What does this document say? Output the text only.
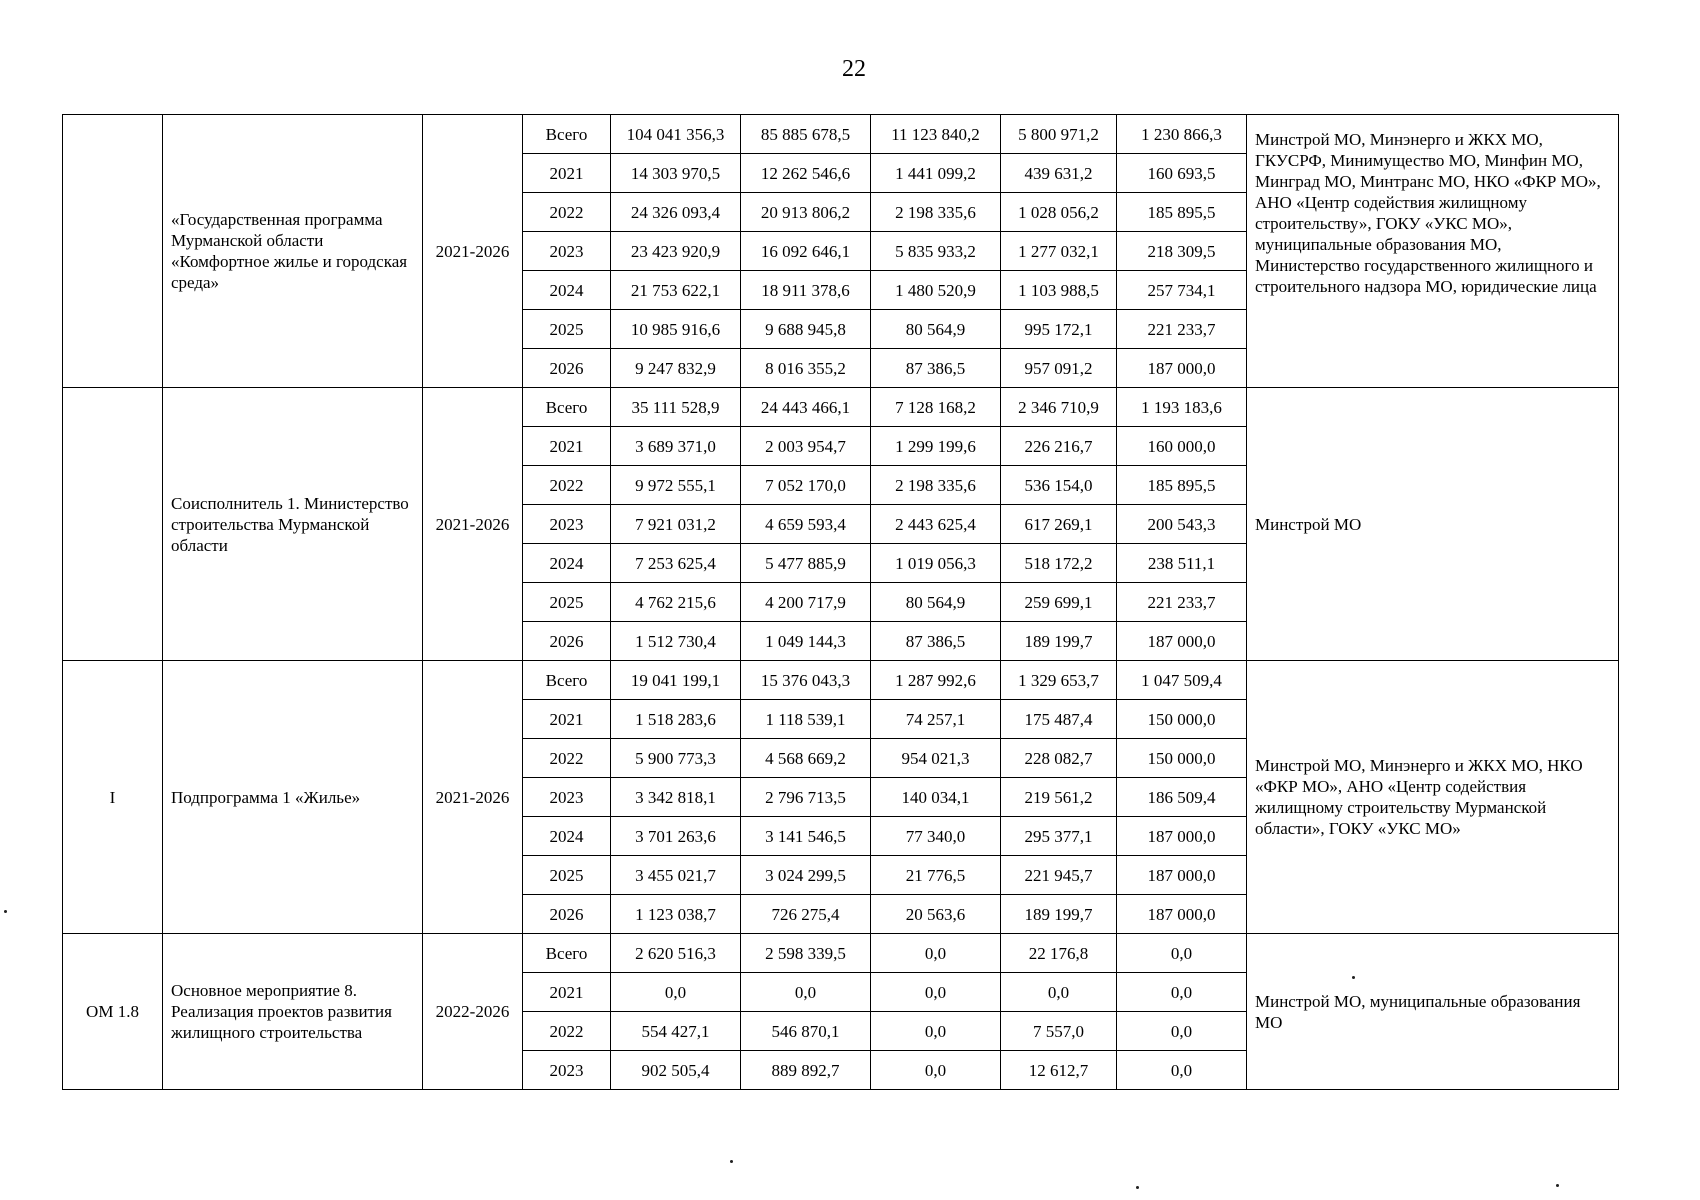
22

	«Государственная программа Мурманской области «Комфортное жилье и городская среда»	2021-2026	Всего	104 041 356,3	85 885 678,5	11 123 840,2	5 800 971,2	1 230 866,3	Минстрой МО, Минэнерго и ЖКХ МО, ГКУСРФ, Минимущество МО, Минфин МО, Минград МО, Минтранс МО, НКО «ФКР МО», АНО «Центр содействия жилищному строительству», ГОКУ «УКС МО», муниципальные образования МО, Министерство государственного жилищного и строительного надзора МО, юридические лица

			2021	14 303 970,5	12 262 546,6	1 441 099,2	439 631,2	160 693,5	
			2022	24 326 093,4	20 913 806,2	2 198 335,6	1 028 056,2	185 895,5	
			2023	23 423 920,9	16 092 646,1	5 835 933,2	1 277 032,1	218 309,5	
			2024	21 753 622,1	18 911 378,6	1 480 520,9	1 103 988,5	257 734,1	
			2025	10 985 916,6	9 688 945,8	80 564,9	995 172,1	221 233,7	
			2026	9 247 832,9	8 016 355,2	87 386,5	957 091,2	187 000,0	

	Соисполнитель 1. Министерство строительства Мурманской области	2021-2026	Всего	35 111 528,9	24 443 466,1	7 128 168,2	2 346 710,9	1 193 183,6	Минстрой МО

			2021	3 689 371,0	2 003 954,7	1 299 199,6	226 216,7	160 000,0	
			2022	9 972 555,1	7 052 170,0	2 198 335,6	536 154,0	185 895,5	
			2023	7 921 031,2	4 659 593,4	2 443 625,4	617 269,1	200 543,3	
			2024	7 253 625,4	5 477 885,9	1 019 056,3	518 172,2	238 511,1	
			2025	4 762 215,6	4 200 717,9	80 564,9	259 699,1	221 233,7	
			2026	1 512 730,4	1 049 144,3	87 386,5	189 199,7	187 000,0	
I	Подпрограмма 1 «Жилье»	2021-2026	Всего	19 041 199,1	15 376 043,3	1 287 992,6	1 329 653,7	1 047 509,4	Минстрой МО, Минэнерго и ЖКХ МО, НКО «ФКР МО», АНО «Центр содействия жилищному строительству Мурманской области», ГОКУ «УКС МО»

			2021	1 518 283,6	1 118 539,1	74 257,1	175 487,4	150 000,0	
			2022	5 900 773,3	4 568 669,2	954 021,3	228 082,7	150 000,0	
			2023	3 342 818,1	2 796 713,5	140 034,1	219 561,2	186 509,4	
			2024	3 701 263,6	3 141 546,5	77 340,0	295 377,1	187 000,0	
			2025	3 455 021,7	3 024 299,5	21 776,5	221 945,7	187 000,0	
			2026	1 123 038,7	726 275,4	20 563,6	189 199,7	187 000,0	
ОМ 1.8	Основное мероприятие 8. Реализация проектов развития жилищного строительства	2022-2026	Всего	2 620 516,3	2 598 339,5	0,0	22 176,8	0,0	Минстрой МО, муниципальные образования МО

			2021	0,0	0,0	0,0	0,0	0,0	
			2022	554 427,1	546 870,1	0,0	7 557,0	0,0	
			2023	902 505,4	889 892,7	0,0	12 612,7	0,0	
